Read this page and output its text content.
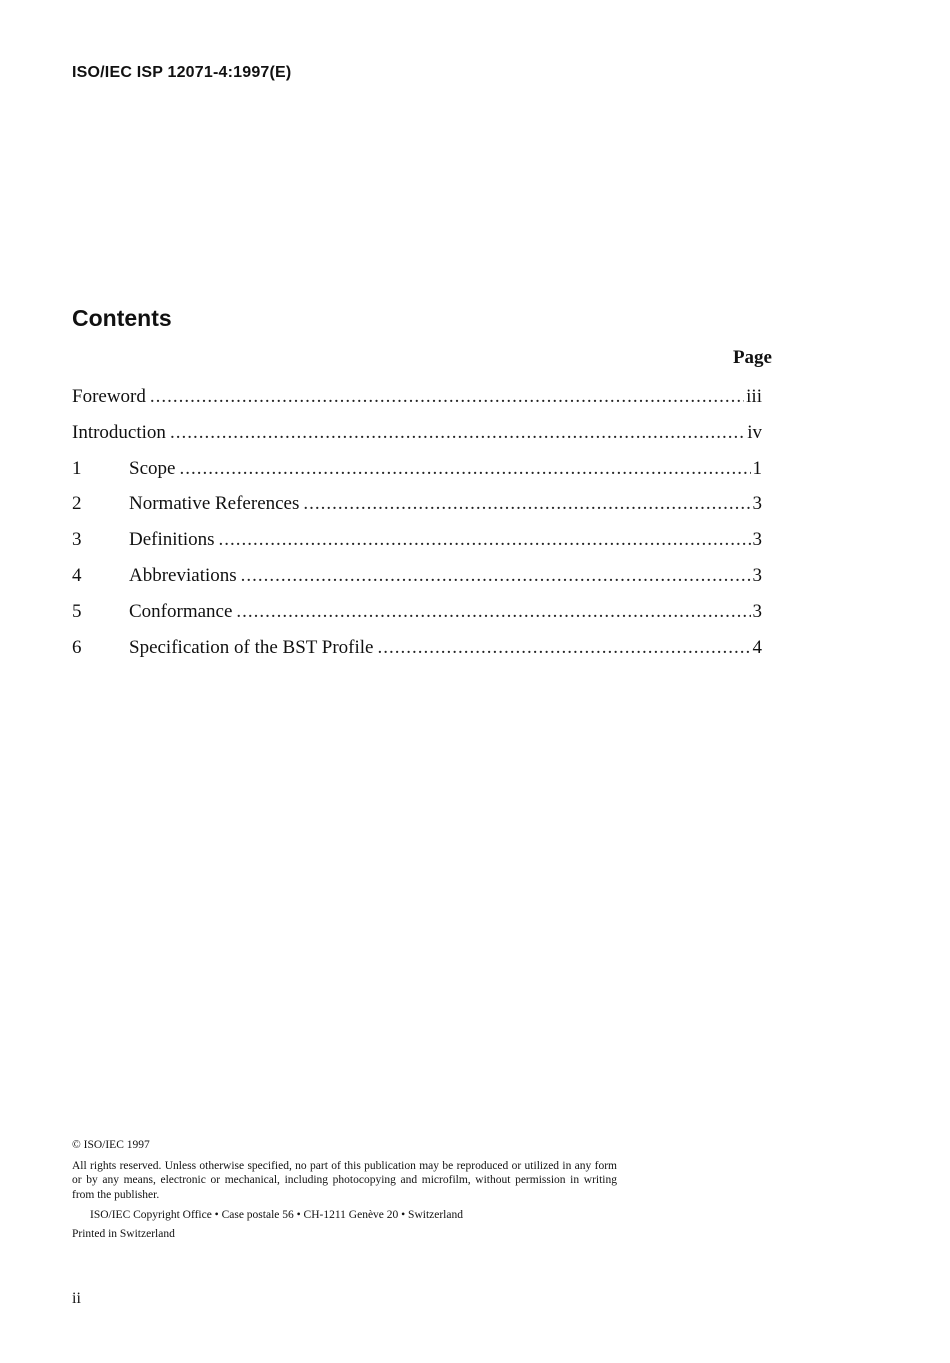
ISO/IEC ISP 12071-4:1997(E)
Contents
Page
Foreword .....	iii
Introduction .....	iv
1	Scope .....	1
2	Normative References .....	3
3	Definitions .....	3
4	Abbreviations .....	3
5	Conformance .....	3
6	Specification of the BST Profile .....	4
© ISO/IEC 1997

All rights reserved. Unless otherwise specified, no part of this publication may be reproduced or utilized in any form or by any means, electronic or mechanical, including photocopying and microfilm, without permission in writing from the publisher.

ISO/IEC Copyright Office • Case postale 56 • CH-1211 Genève 20 • Switzerland
Printed in Switzerland
ii
